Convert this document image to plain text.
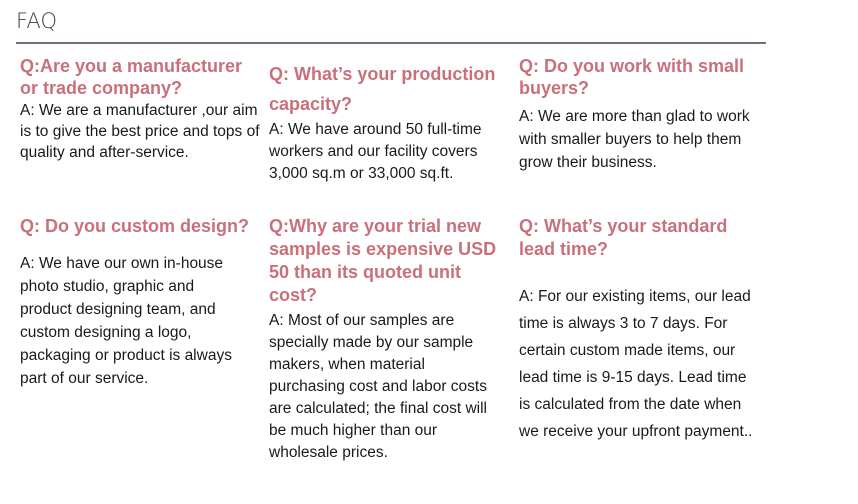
FAQ
Q:Are you a manufacturer or trade company?
A: We are a manufacturer ,our aim is to give the best price and tops of quality and after-service.
Q: What’s your production capacity?
A: We have around 50 full-time workers and our facility covers 3,000 sq.m or 33,000 sq.ft.
Q: Do you work with small buyers?
A: We are more than glad to work with smaller buyers to help them grow their business.
Q: Do you custom design?
A: We have our own in-house photo studio, graphic and product designing team, and custom designing a logo, packaging or product is always part of our service.
Q:Why are your trial new samples is expensive USD 50 than its quoted unit cost?
A: Most of our samples are specially made by our sample makers, when material purchasing cost and labor costs are calculated; the final cost will be much higher than our wholesale prices.
Q: What’s your standard lead time?
A: For our existing items, our lead time is always 3 to 7 days. For certain custom made items, our lead time is 9-15 days. Lead time is calculated from the date when we receive your upfront payment..
